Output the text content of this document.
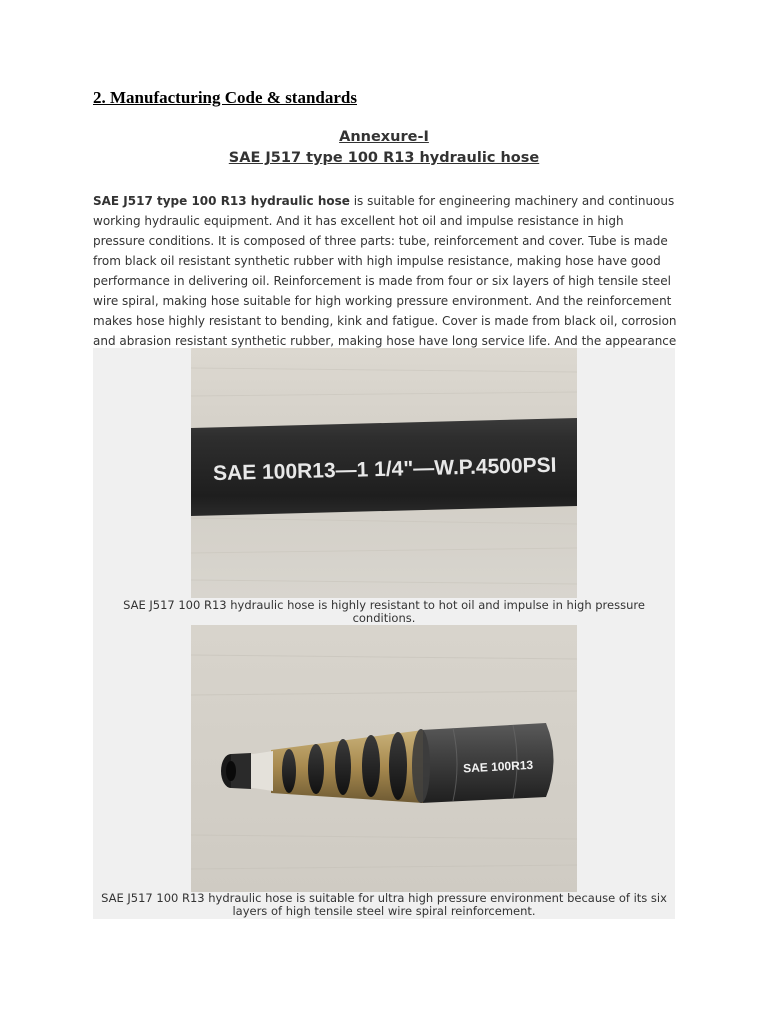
2. Manufacturing Code & standards

Annexure-I

SAE J517 type 100 R13 hydraulic hose

SAE J517 type 100 R13 hydraulic hose is suitable for engineering machinery and continuous working hydraulic equipment. And it has excellent hot oil and impulse resistance in high pressure conditions. It is composed of three parts: tube, reinforcement and cover. Tube is made from black oil resistant synthetic rubber with high impulse resistance, making hose have good performance in delivering oil. Reinforcement is made from four or six layers of high tensile steel wire spiral, making hose suitable for high working pressure environment. And the reinforcement makes hose highly resistant to bending, kink and fatigue. Cover is made from black oil, corrosion and abrasion resistant synthetic rubber, making hose have long service life. And the appearance

SAE 100R13—1 1/4"—W.P.4500PSI

SAE J517 100 R13 hydraulic hose is highly resistant to hot oil and impulse in high pressure conditions.

SAE 100R13

SAE J517 100 R13 hydraulic hose is suitable for ultra high pressure environment because of its six layers of high tensile steel wire spiral reinforcement.
